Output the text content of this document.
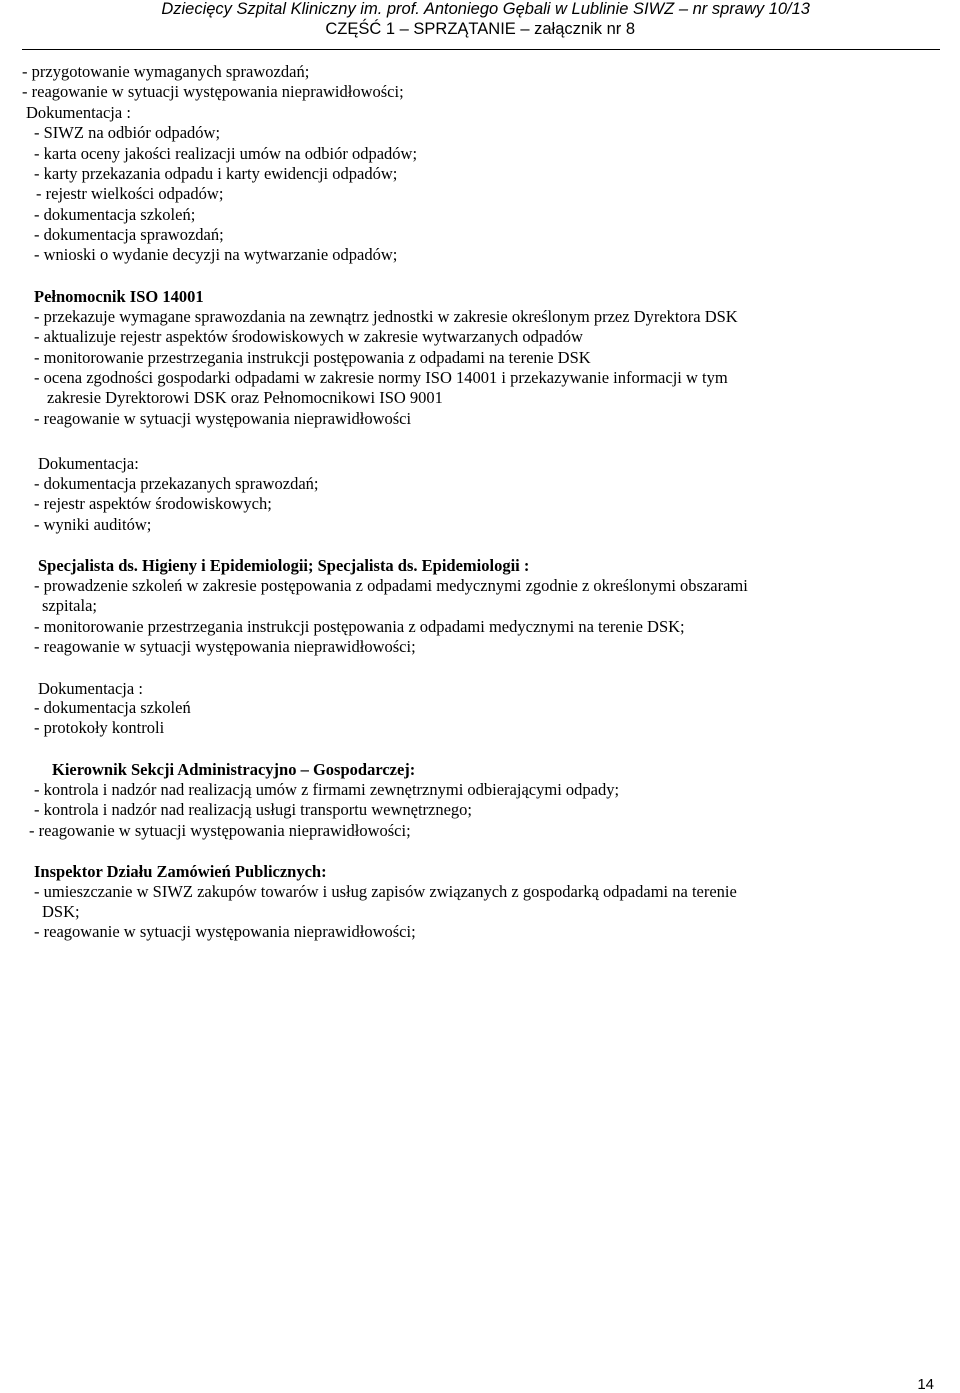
Dziecięcy Szpital Kliniczny im. prof. Antoniego Gębali w Lublinie SIWZ – nr sprawy 10/13
CZĘŚĆ 1 – SPRZĄTANIE – załącznik nr 8
- przygotowanie wymaganych sprawozdań;
- reagowanie w sytuacji występowania nieprawidłowości;
Dokumentacja :
- SIWZ na odbiór odpadów;
- karta oceny jakości realizacji umów na odbiór odpadów;
- karty przekazania odpadu i karty ewidencji odpadów;
- rejestr wielkości odpadów;
- dokumentacja szkoleń;
- dokumentacja sprawozdań;
- wnioski o wydanie decyzji na wytwarzanie odpadów;
Pełnomocnik ISO 14001
- przekazuje wymagane sprawozdania na zewnątrz jednostki w zakresie określonym przez Dyrektora DSK
- aktualizuje rejestr aspektów środowiskowych w zakresie wytwarzanych odpadów
- monitorowanie przestrzegania instrukcji postępowania z odpadami na terenie DSK
- ocena zgodności gospodarki odpadami w zakresie normy ISO 14001 i przekazywanie informacji w tym
zakresie Dyrektorowi DSK oraz Pełnomocnikowi ISO 9001
- reagowanie w sytuacji występowania nieprawidłowości
Dokumentacja:
- dokumentacja przekazanych sprawozdań;
- rejestr aspektów środowiskowych;
- wyniki auditów;
Specjalista ds. Higieny i Epidemiologii; Specjalista ds. Epidemiologii :
- prowadzenie szkoleń w zakresie postępowania z odpadami medycznymi zgodnie z określonymi obszarami
szpitala;
- monitorowanie przestrzegania instrukcji postępowania z odpadami medycznymi na terenie DSK;
- reagowanie w sytuacji występowania nieprawidłowości;
Dokumentacja :
- dokumentacja szkoleń
- protokoły kontroli
Kierownik Sekcji Administracyjno – Gospodarczej:
- kontrola i nadzór nad realizacją umów z firmami zewnętrznymi odbierającymi odpady;
- kontrola i nadzór nad realizacją usługi transportu wewnętrznego;
- reagowanie w sytuacji występowania nieprawidłowości;
Inspektor Działu Zamówień Publicznych:
- umieszczanie w SIWZ zakupów towarów i usług zapisów związanych z gospodarką odpadami na terenie
DSK;
- reagowanie w sytuacji występowania nieprawidłowości;
14
